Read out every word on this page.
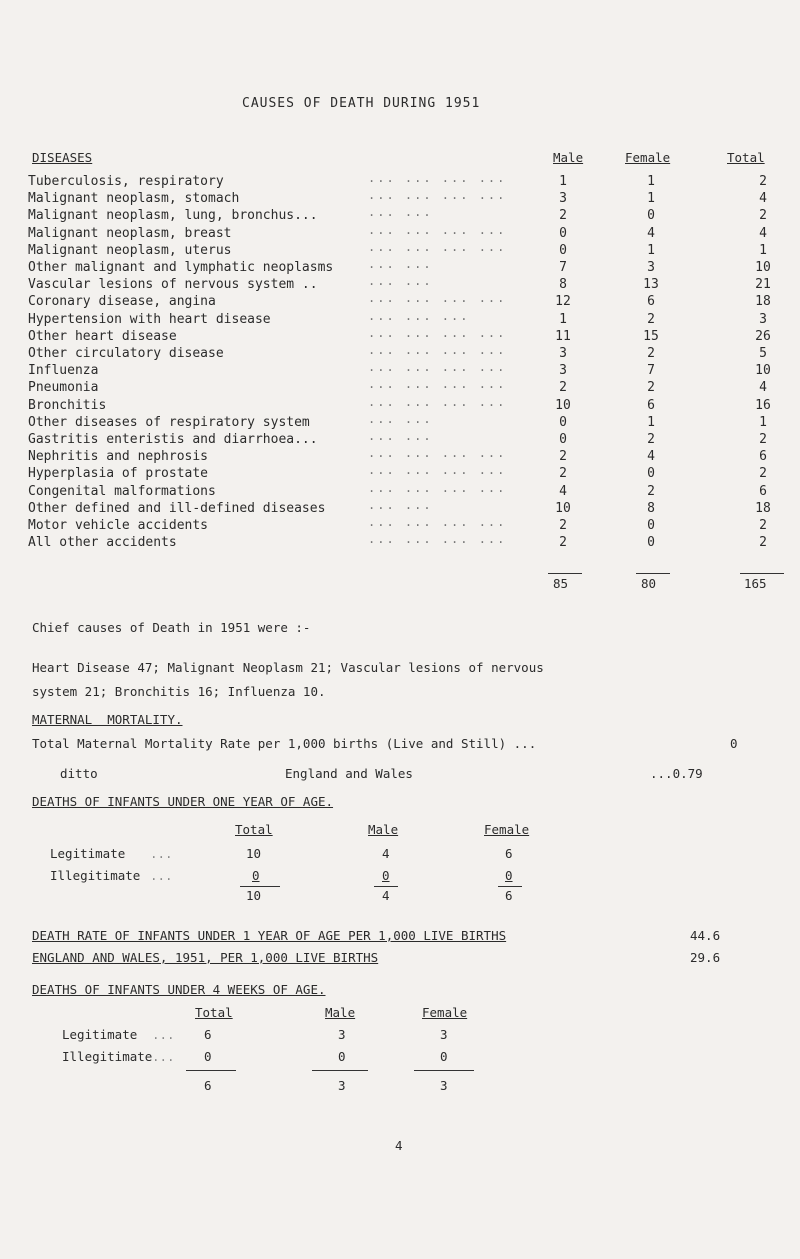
CAUSES OF DEATH DURING 1951
DISEASES	Male	Female	Total
Tuberculosis, respiratory	... ... ... ...	1	1	2
Malignant neoplasm, stomach	... ... ... ...	3	1	4
Malignant neoplasm, lung, bronchus...	... ...	2	0	2
Malignant neoplasm, breast	... ... ... ...	0	4	4
Malignant neoplasm, uterus	... ... ... ...	0	1	1
Other malignant and lymphatic neoplasms	... ...	7	3	10
Vascular lesions of nervous system ..	... ...	8	13	21
Coronary disease, angina	... ... ... ...	12	6	18
Hypertension with heart disease	... ... ...	1	2	3
Other heart disease	... ... ... ...	11	15	26
Other circulatory disease	... ... ... ...	3	2	5
Influenza	... ... ... ...	3	7	10
Pneumonia	... ... ... ...	2	2	4
Bronchitis	... ... ... ...	10	6	16
Other diseases of respiratory system	... ...	0	1	1
Gastritis enteristis and diarrhoea...	... ...	0	2	2
Nephritis and nephrosis	... ... ... ...	2	4	6
Hyperplasia of prostate	... ... ... ...	2	0	2
Congenital malformations	... ... ... ...	4	2	6
Other defined and ill-defined diseases	... ...	10	8	18
Motor vehicle accidents	... ... ... ...	2	0	2
All other accidents	... ... ... ...	2	0	2
85	80	165
Chief causes of Death in 1951 were :-
Heart Disease 47; Malignant Neoplasm 21; Vascular lesions of nervous
system 21; Bronchitis 16; Influenza 10.
MATERNAL  MORTALITY.
Total Maternal Mortality Rate per 1,000 births (Live and Still) ...	0
ditto	England and Wales	...0.79
DEATHS OF INFANTS UNDER ONE YEAR OF AGE.
Total	Male	Female
Legitimate ...	10	4	6
Illegitimate ...	0	0	0
10	4	6
DEATH RATE OF INFANTS UNDER 1 YEAR OF AGE PER 1,000 LIVE BIRTHS	44.6
ENGLAND AND WALES, 1951, PER 1,000 LIVE BIRTHS	29.6
DEATHS OF INFANTS UNDER 4 WEEKS OF AGE.
Total	Male	Female
Legitimate ... 6	3	3
Illegitimate ... 0	0	0
6	3	3
4
